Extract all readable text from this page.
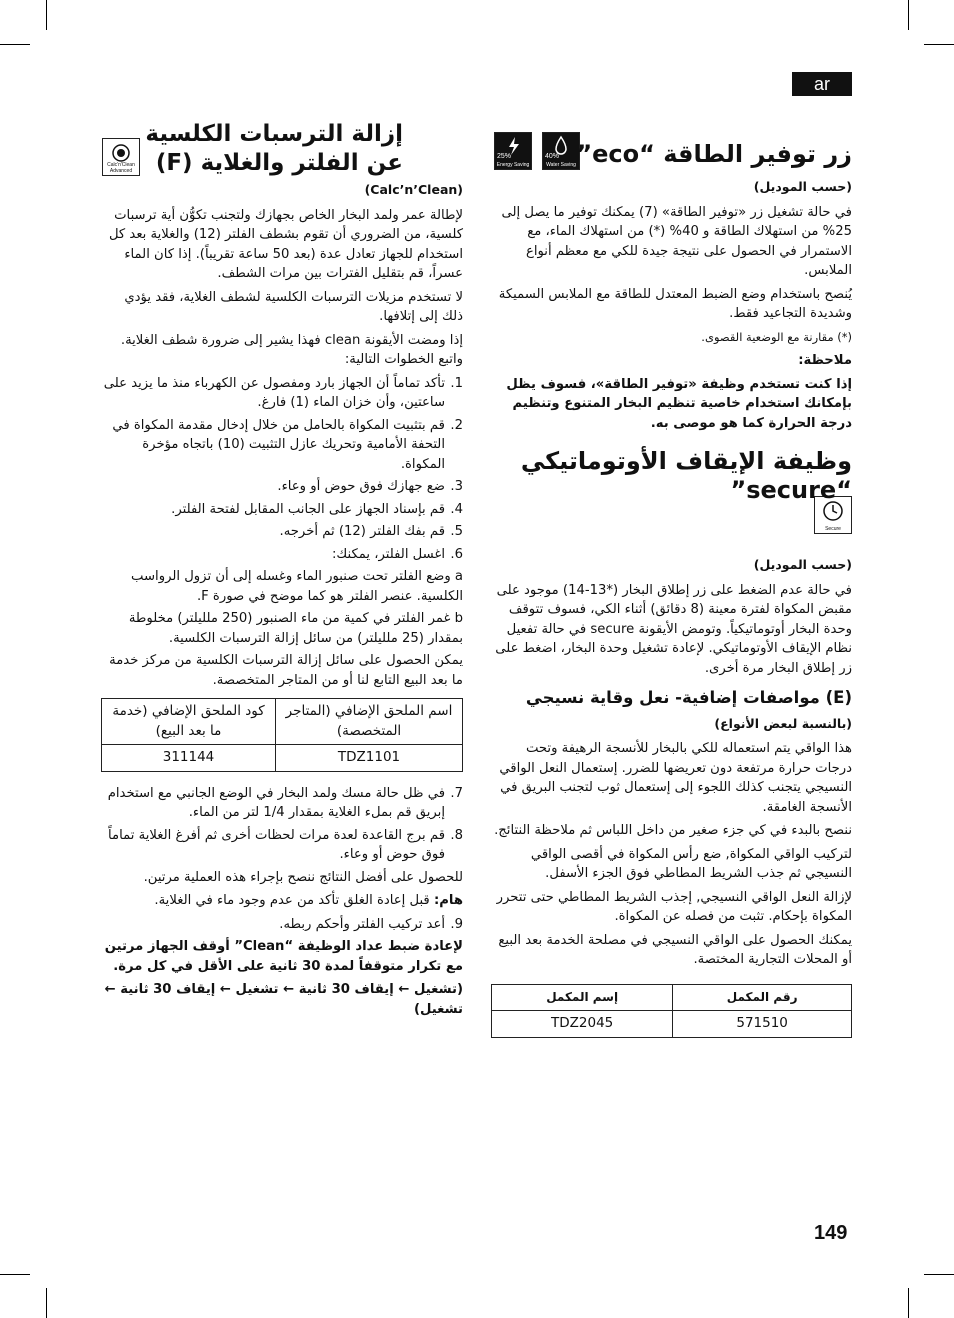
ar
Calc'n'Clean Advanced
25%
Energy Saving
40%
Water Saving
Secure
إزالة الترسبات الكلسية عن الفلتر والغلاية (F)
(Calc’n’Clean)

لإطالة عمر ولمد البخار الخاص بجهازك ولتجنب تكوُّن أية ترسبات كلسية، من الضروري أن تقوم بشطف الفلتر (12) والغلاية بعد كل استخدام للجهاز تعادل عدة (بعد 50 ساعة تقريباً). إذا كان الماء عسراً، قم بتقليل الفترات بين مرات الشطف.

لا تستخدم مزيلات الترسبات الكلسية لشطف الغلاية، فقد يؤدي ذلك إلى إتلافها.

إذا ومضت الأيقونة clean فهذا يشير إلى ضرورة شطف الغلاية. واتبع الخطوات التالية:

1.
تأكد تماماً أن الجهاز بارد ومفصول عن الكهرباء منذ ما يزيد على ساعتين، وأن خزان الماء (1) فارغ.
2.
قم بتثبيت المكواة بالحامل من خلال إدخال مقدمة المكواة في التحفة الأمامية وتحريك عازل التثبيت (10) باتجاه مؤخرة المكواة.
3.
ضع جهازك فوق حوض أو وعاء.
4.
قم بإسناد الجهاز على الجانب المقابل لفتحة الفلتر.
5.
قم بفك الفلتر (12) ثم أخرجه.
6.
اغسل الفلتر، يمكنك:
a وضع الفلتر تحت صنبور الماء وغسله إلى أن تزول الرواسب الكلسية. عنصر الفلتر هو كما موضح في صورة F.
b غمر الفلتر في كمية من ماء الصنبور (250 ملليلتر) مخلوطة بمقدار (25 ملليلتر) من سائل إزالة الترسبات الكلسية.

يمكن الحصول على سائل إزالة الترسبات الكلسية من مركز خدمة ما بعد البيع التابع لنا أو من المتاجر المتخصصة.

اسم الملحق الإضافي (المتاجر المتخصصة)	كود الملحق الإضافي (خدمة ما بعد البيع)
TDZ1101	311144
7.
في ظل حالة مسك ولمد البخار في الوضع الجانبي مع استخدام إبريق قم بملء الغلاية بمقدار 1/4 لتر من الماء.
8.
قم برج القاعدة لعدة مرات لحظات أخرى ثم أفرغ الغلاية تماماً فوق حوض أو وعاء.

للحصول على أفضل النتائج ننصح بإجراء هذه العملية مرتين.

هام: قبل إعادة الغلق تأكد من عدم وجود ماء في الغلاية.

9.
أعد تركيب الفلتر وأحكم ربطه.

لإعادة ضبط عداد الوظيفة “Clean” أوقف الجهاز مرتين مع تكرار متوقفاً لمدة 30 ثانية على الأقل في كل مرة.

(تشغيل ← إيقاف 30 ثانية ← تشغيل ← إيقاف 30 ثانية ← تشغيل)

زر توفير الطاقة “eco”
(حسب الموديل)

في حالة تشغيل زر «توفير الطاقة» (7) يمكنك توفير ما يصل إلى 25% من استهلاك الطاقة و 40% (*) من استهلاك الماء، مع الاستمرار في الحصول على نتيجة جيدة للكي مع معظم أنواع الملابس.

يُنصح باستخدام وضع الضبط المعتدل للطاقة مع الملابس السميكة وشديدة التجاعيد فقط.

(*) مقارنة مع الوضعية القصوى.

ملاحظة:

إذا كنت تستخدم وظيفة «توفير الطاقة»، فسوف يظل بإمكانك استخدام خاصية تنظيم البخار المتنوع وتنظيم درجة الحرارة كما هو موصى به.

وظيفة الإيقاف الأوتوماتيكي “secure”
(حسب الموديل)

في حالة عدم الضغط على زر إطلاق البخار (*13-14) موجود على مقبض المكواة لفترة معينة (8 دقائق) أثناء الكي، فسوف تتوقف وحدة البخار أوتوماتيكياً. وتومض الأيقونة secure في حالة تفعيل نظام الإيقاف الأوتوماتيكي. لإعادة تشغيل وحدة البخار، اضغط على زر إطلاق البخار مرة أخرى.

(E) مواصفات إضافية- نعل وقاية نسيجي
(بالنسبة لبعض الأنواع)

هذا الواقي يتم استعماله للكي بالبخار للأنسجة الرهيفة وتحت درجات حرارة مرتفعة دون تعريضها للضرر. إستعمال النعل الواقي النسيجي يتجنب كذلك اللجوء إلى إستعمال ثوب لتجنب البريق في الأنسجة الغامقة.

ننصح بالبدء في كي جزء صغير من داخل اللباس ثم ملاحظة النتائج.

لتركيب الواقي المكواة, ضع رأس المكواة في أقصى الواقي النسيجي ثم جذب الشريط المطاطي فوق الجزء الأسفل.

لإزالة النعل الواقي النسيجي, إجذب الشريط المطاطي حتى تتحرر المكواة بإحكام. تثبت من فصله عن المكواة.

يمكنك الحصول على الواقي النسيجي في مصلحة الخدمة بعد البيع أو المحلات التجارية المختصة.

رقم المكمل	إسم المكمل
571510	TDZ2045
149
